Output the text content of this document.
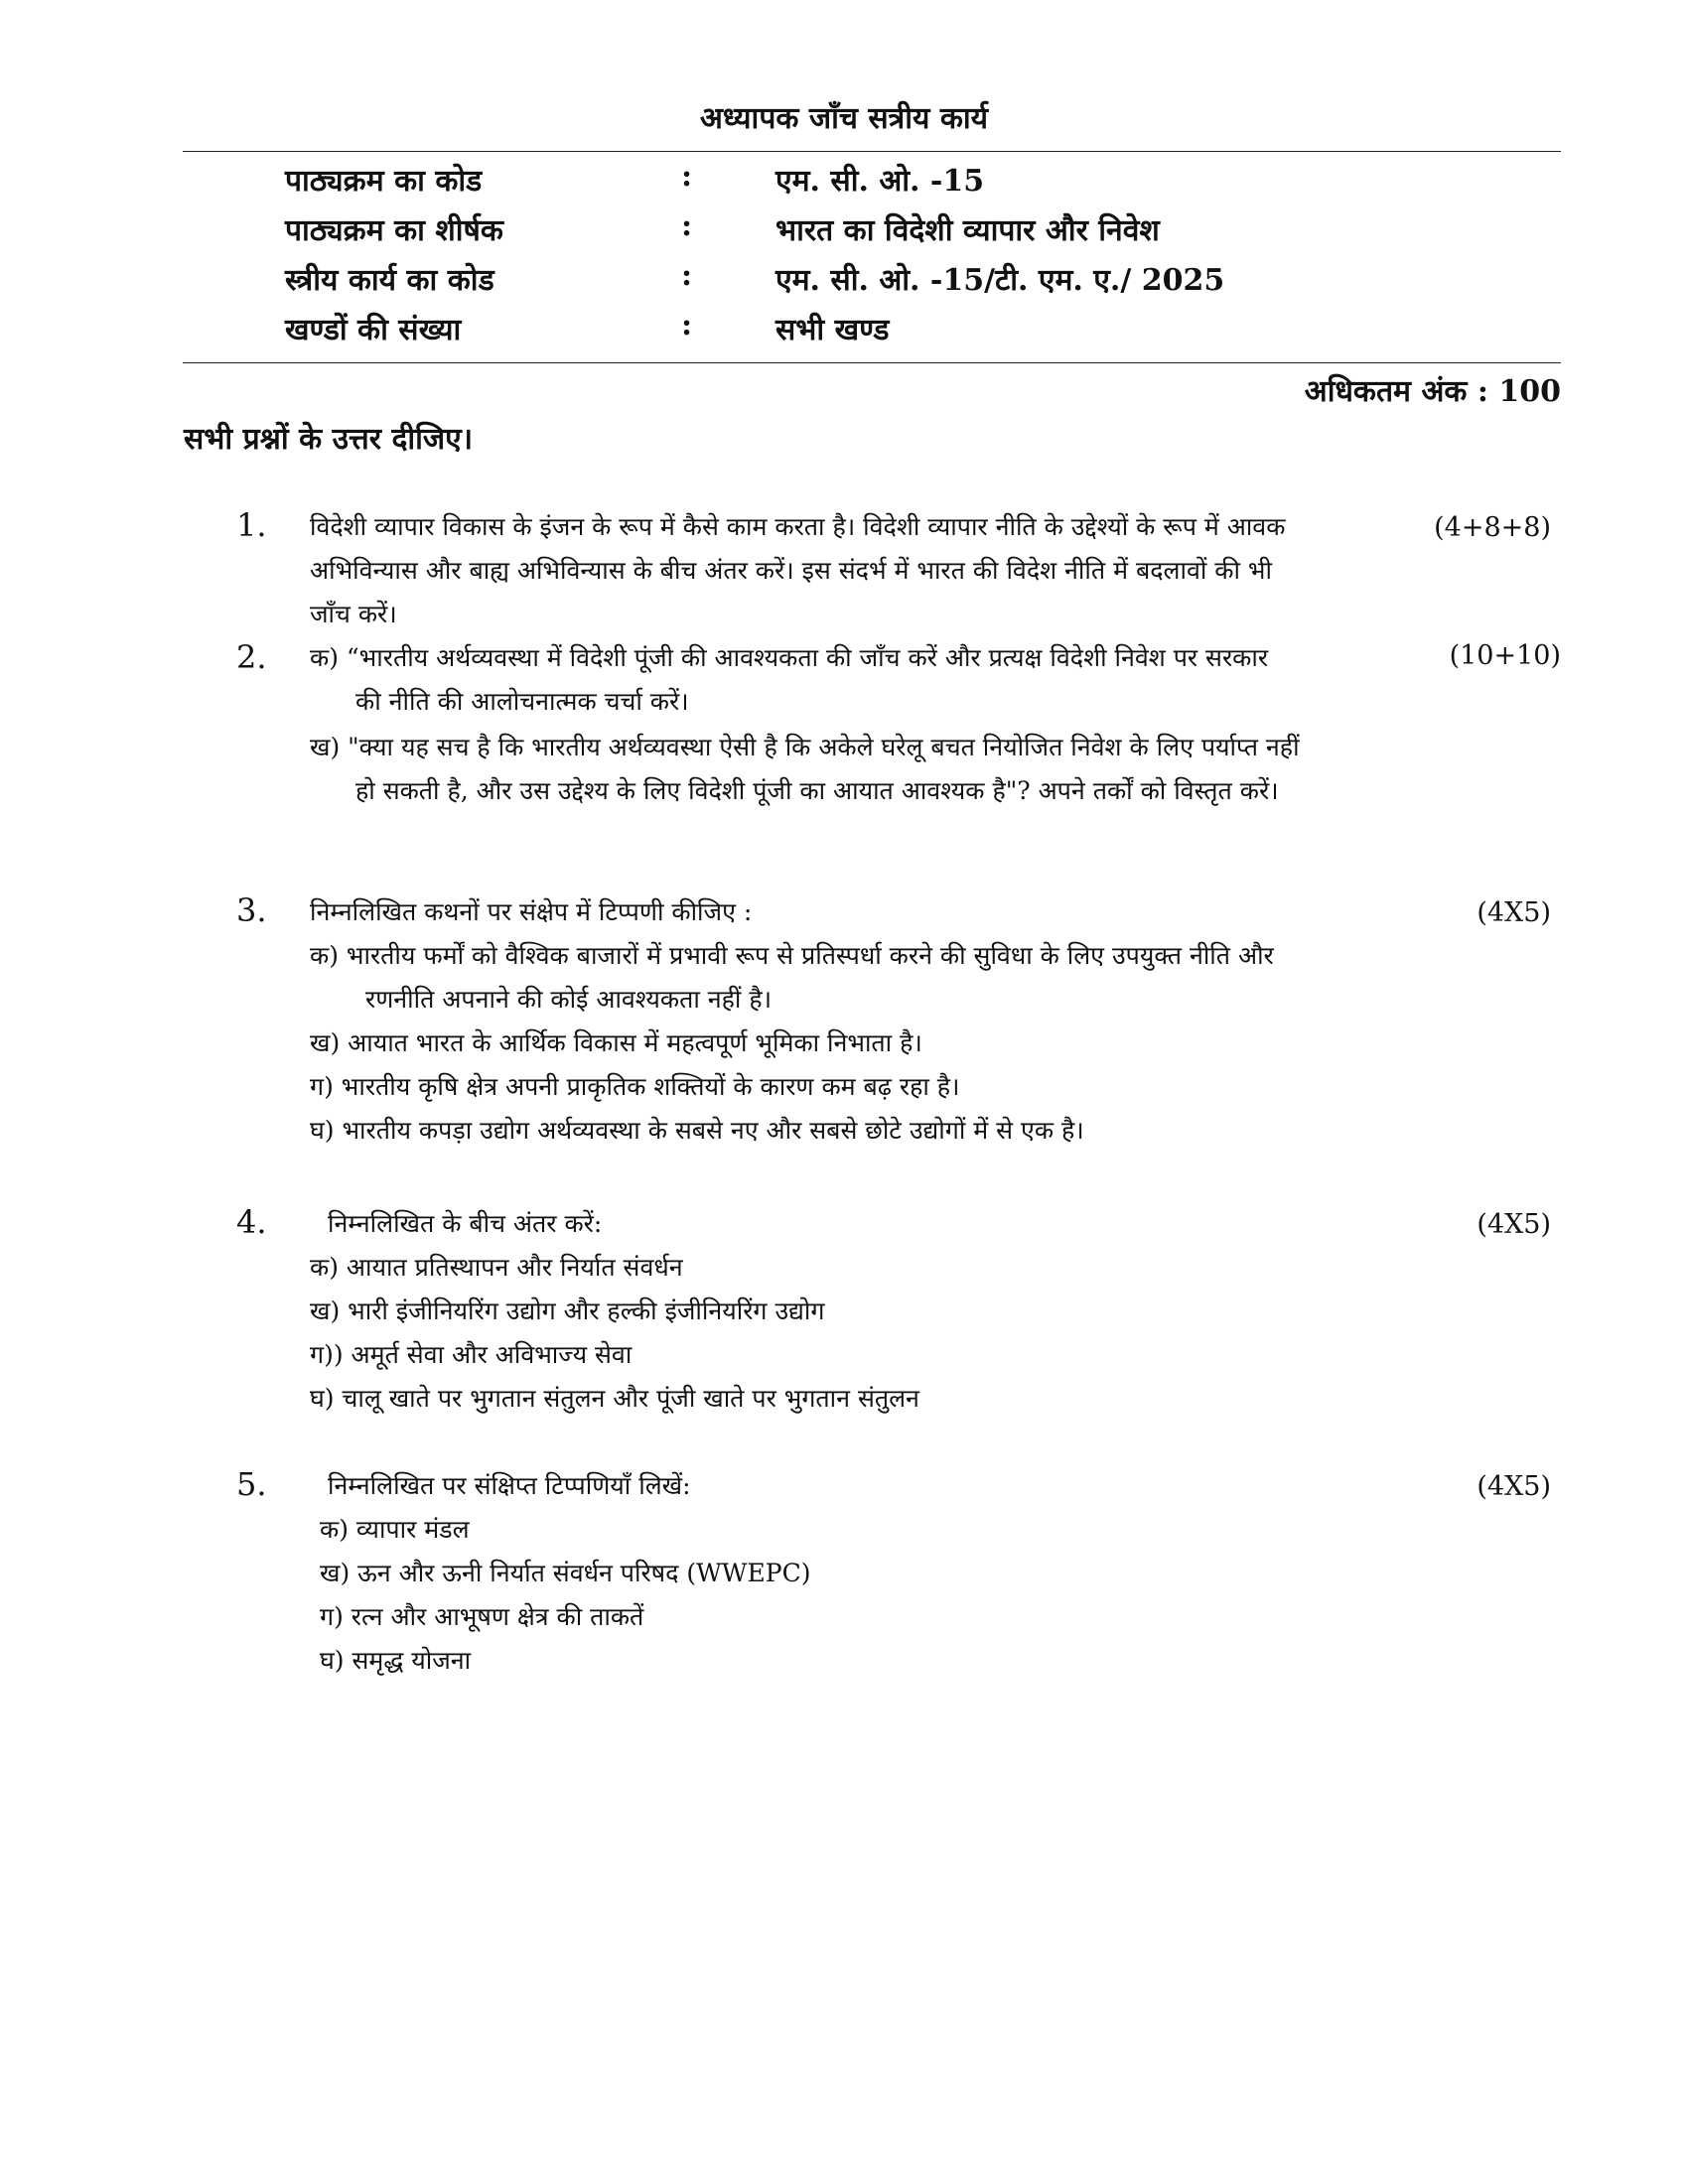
अध्यापक जाँच सत्रीय कार्य
पाठ्यक्रम का कोड	:	एम. सी. ओ. -15
पाठ्यक्रम का शीर्षक	:	भारत का विदेशी व्यापार और निवेश
स्त्रीय कार्य का कोड	:	एम. सी. ओ. -15/टी. एम. ए./ 2025
खण्डों की संख्या	:	सभी खण्ड
अधिकतम अंक : 100
सभी प्रश्नों के उत्तर दीजिए।
1.	(4+8+8)
विदेशी व्यापार विकास के इंजन के रूप में कैसे काम करता है। विदेशी व्यापार नीति के उद्देश्यों के रूप में आवक
अभिविन्यास और बाह्य अभिविन्यास के बीच अंतर करें। इस संदर्भ में भारत की विदेश नीति में बदलावों की भी
जाँच करें।
2.	(10+10)
क) “भारतीय अर्थव्यवस्था में विदेशी पूंजी की आवश्यकता की जाँच करें और प्रत्यक्ष विदेशी निवेश पर सरकार
की नीति की आलोचनात्मक चर्चा करें।
ख) "क्या यह सच है कि भारतीय अर्थव्यवस्था ऐसी है कि अकेले घरेलू बचत नियोजित निवेश के लिए पर्याप्त नहीं
हो सकती है, और उस उद्देश्य के लिए विदेशी पूंजी का आयात आवश्यक है"? अपने तर्कों को विस्तृत करें।
3.	(4X5)
निम्नलिखित कथनों पर संक्षेप में टिप्पणी कीजिए :
क) भारतीय फर्मों को वैश्विक बाजारों में प्रभावी रूप से प्रतिस्पर्धा करने की सुविधा के लिए उपयुक्त नीति और
रणनीति अपनाने की कोई आवश्यकता नहीं है।
ख) आयात भारत के आर्थिक विकास में महत्वपूर्ण भूमिका निभाता है।
ग) भारतीय कृषि क्षेत्र अपनी प्राकृतिक शक्तियों के कारण कम बढ़ रहा है।
घ) भारतीय कपड़ा उद्योग अर्थव्यवस्था के सबसे नए और सबसे छोटे उद्योगों में से एक है।
4.	(4X5)
निम्नलिखित के बीच अंतर करें:
क) आयात प्रतिस्थापन और निर्यात संवर्धन
ख) भारी इंजीनियरिंग उद्योग और हल्की इंजीनियरिंग उद्योग
ग)) अमूर्त सेवा और अविभाज्य सेवा
घ) चालू खाते पर भुगतान संतुलन और पूंजी खाते पर भुगतान संतुलन
5.	(4X5)
निम्नलिखित पर संक्षिप्त टिप्पणियाँ लिखें:
क) व्यापार मंडल
ख) ऊन और ऊनी निर्यात संवर्धन परिषद (WWEPC)
ग) रत्न और आभूषण क्षेत्र की ताकतें
घ) समृद्ध योजना
